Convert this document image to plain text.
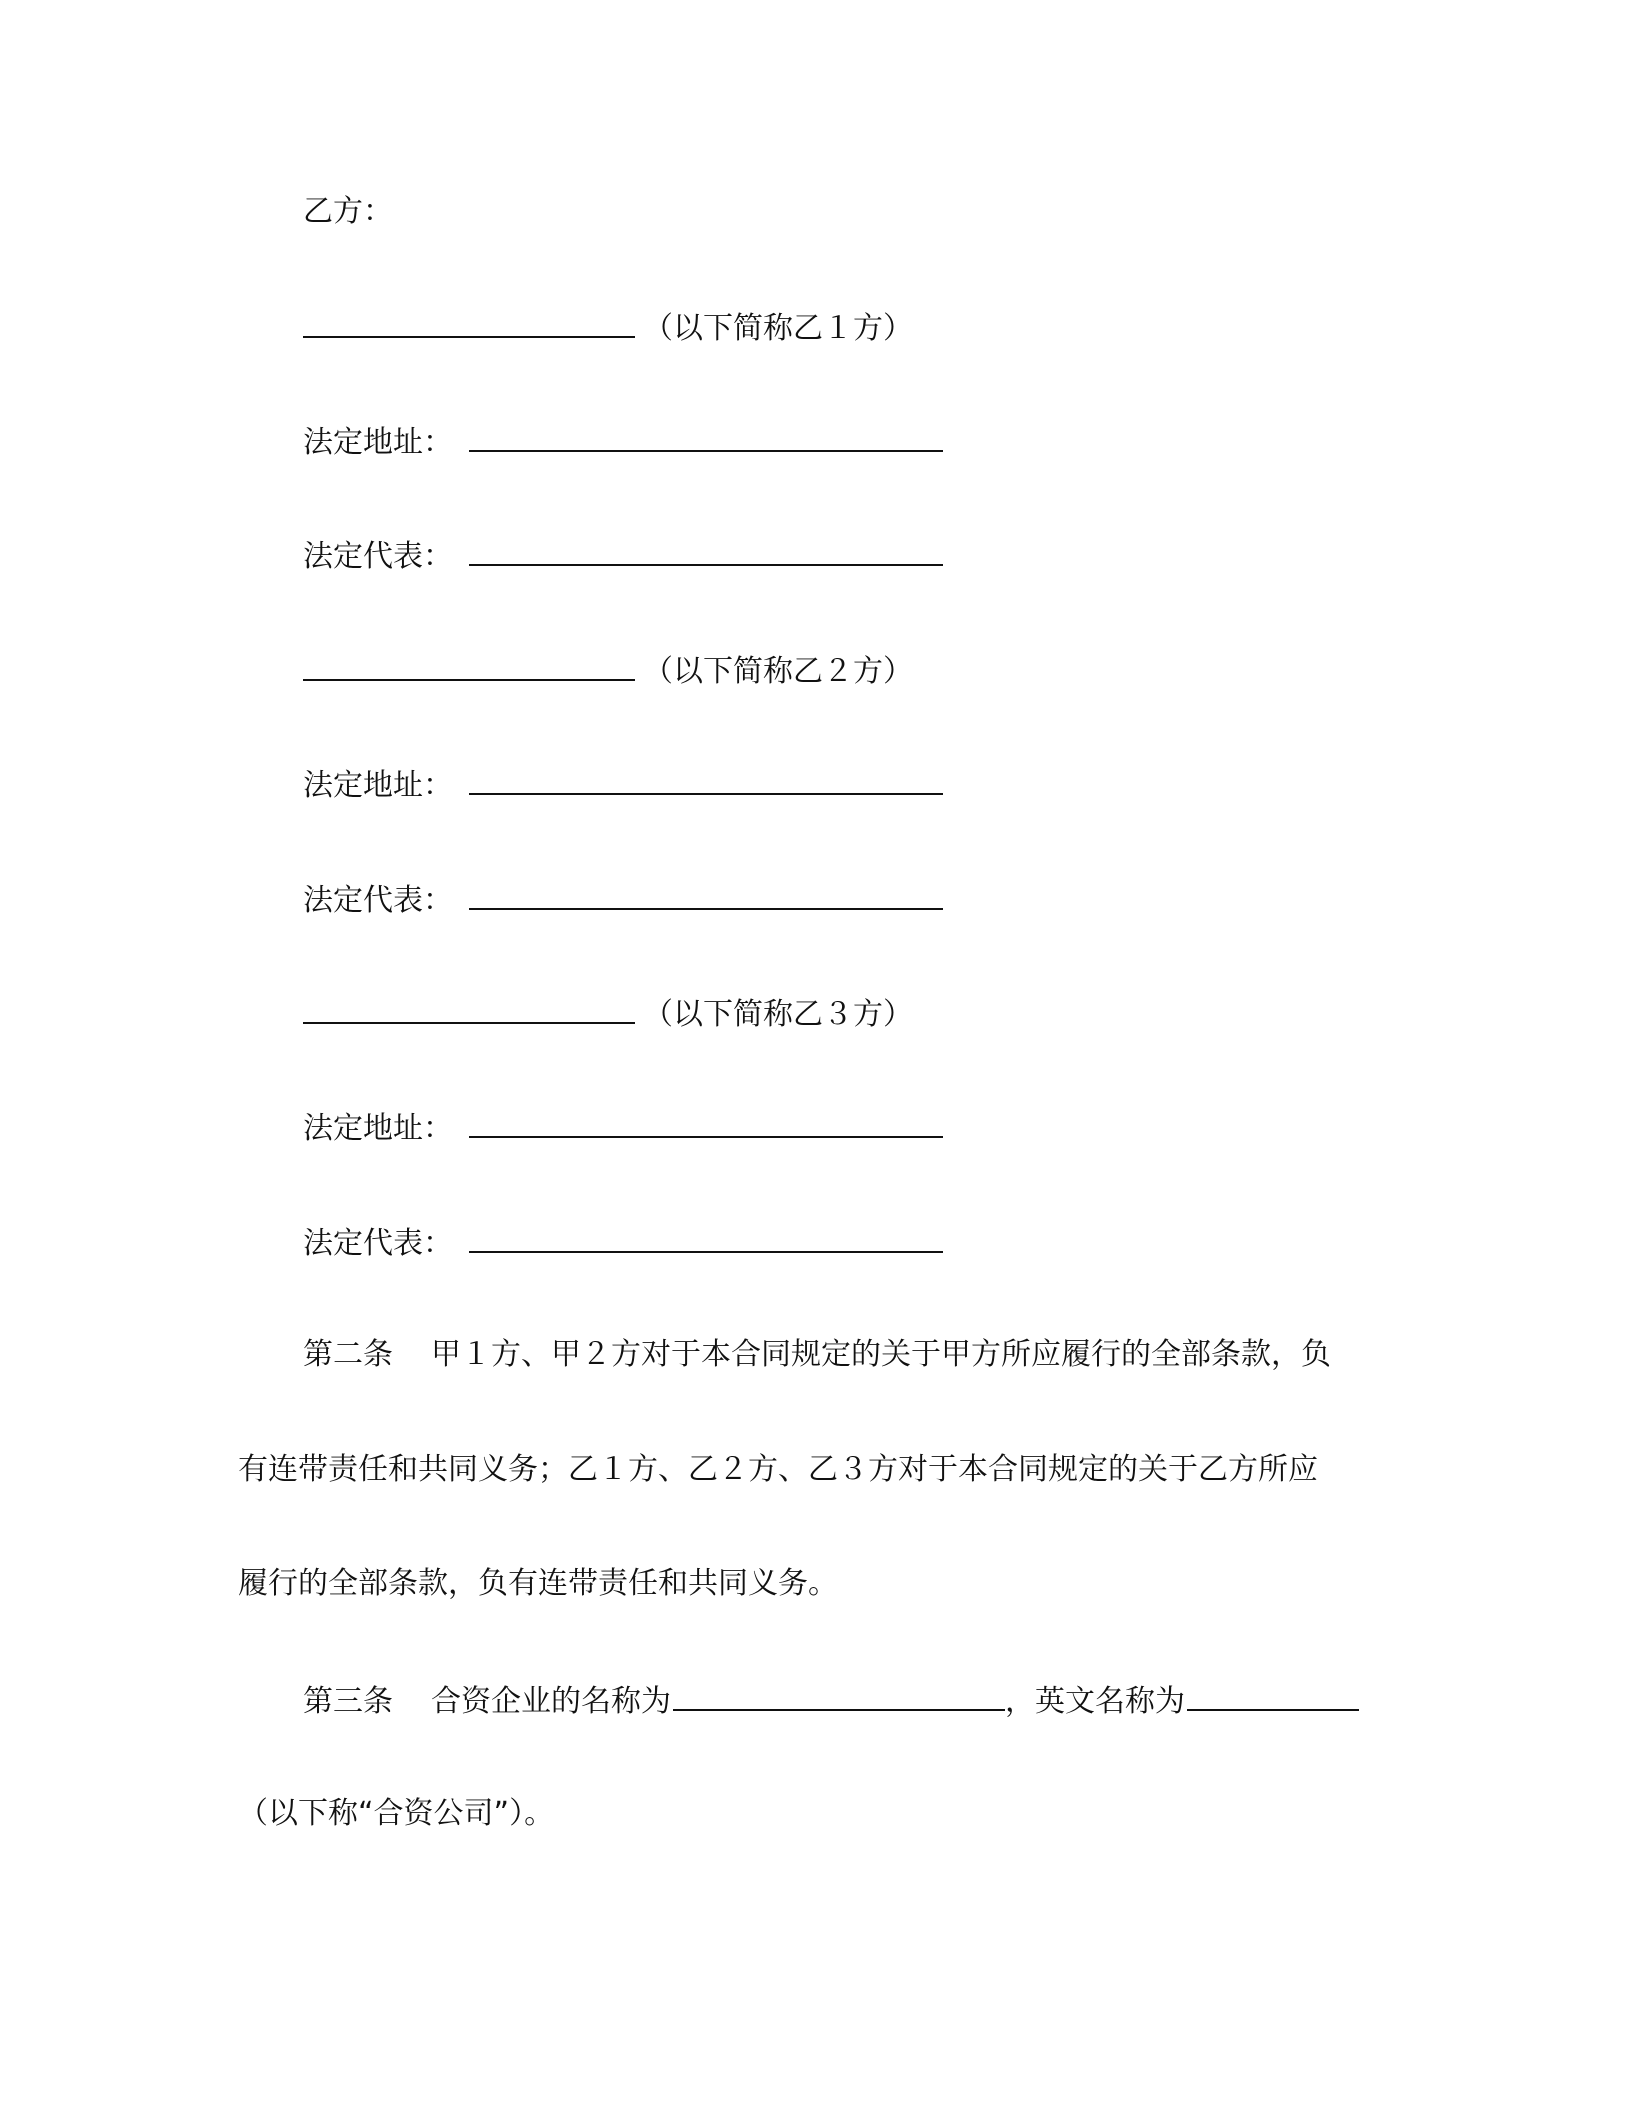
乙方：
（以下简称乙１方）
法定地址：
法定代表：
（以下简称乙２方）
法定地址：
法定代表：
（以下简称乙３方）
法定地址：
法定代表：
第二条 甲１方、甲２方对于本合同规定的关于甲方所应履行的全部条款，负
有连带责任和共同义务；乙１方、乙２方、乙３方对于本合同规定的关于乙方所应
履行的全部条款，负有连带责任和共同义务。
第三条 合资企业的名称为	，英文名称为
（以下称“合资公司”）。
